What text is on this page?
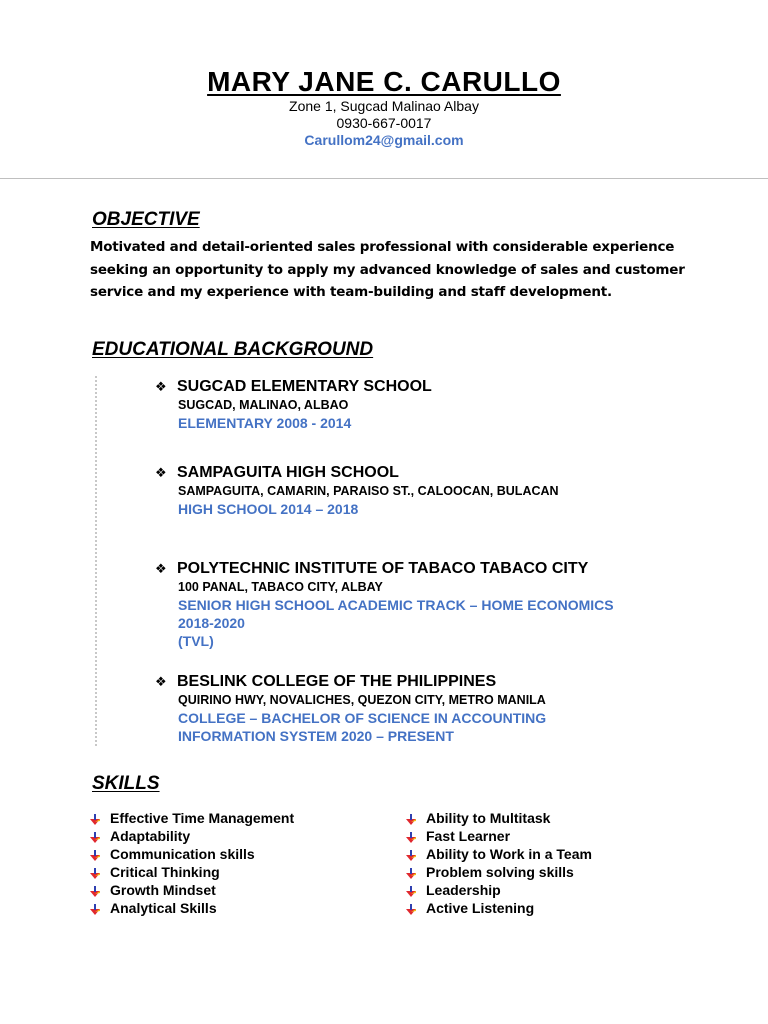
MARY JANE C. CARULLO
Zone 1, Sugcad Malinao Albay
0930-667-0017
Carullom24@gmail.com
OBJECTIVE
Motivated and detail-oriented sales professional with considerable experience seeking an opportunity to apply my advanced knowledge of sales and customer service and my experience with team-building and staff development.
EDUCATIONAL BACKGROUND
❖ SUGCAD ELEMENTARY SCHOOL
SUGCAD, MALINAO, ALBAO
ELEMENTARY 2008 - 2014
❖ SAMPAGUITA HIGH SCHOOL
SAMPAGUITA, CAMARIN, PARAISO ST., CALOOCAN, BULACAN
HIGH SCHOOL 2014 – 2018
❖ POLYTECHNIC INSTITUTE OF TABACO TABACO CITY
100 PANAL, TABACO CITY, ALBAY
SENIOR HIGH SCHOOL ACADEMIC TRACK – HOME ECONOMICS
2018-2020
(TVL)
❖ BESLINK COLLEGE OF THE PHILIPPINES
QUIRINO HWY, NOVALICHES, QUEZON CITY, METRO MANILA
COLLEGE – BACHELOR OF SCIENCE IN ACCOUNTING
INFORMATION SYSTEM 2020 – PRESENT
SKILLS
Effective Time Management
Adaptability
Communication skills
Critical Thinking
Growth Mindset
Analytical Skills
Ability to Multitask
Fast Learner
Ability to Work in a Team
Problem solving skills
Leadership
Active Listening
